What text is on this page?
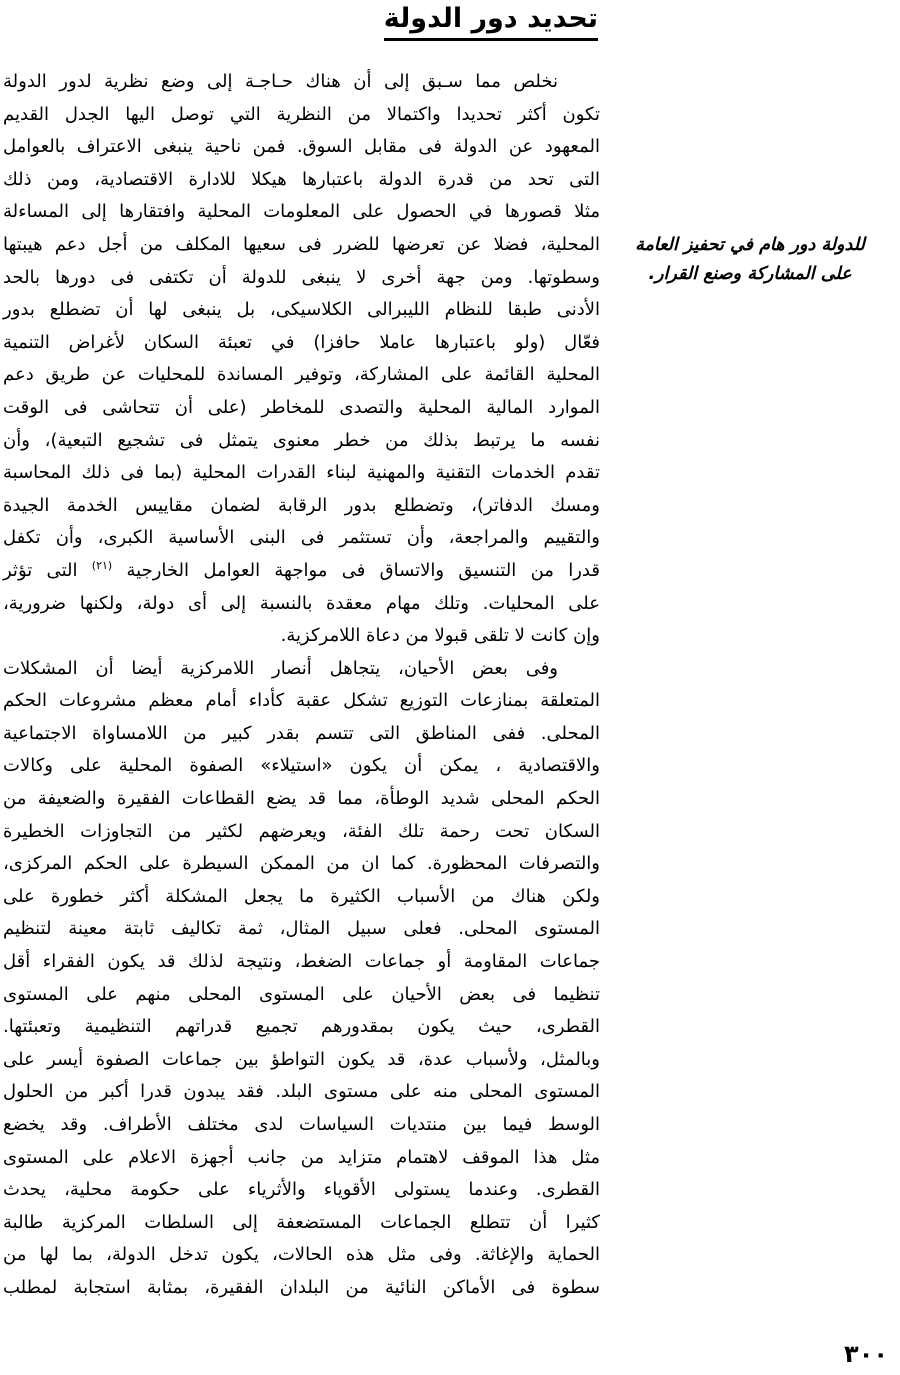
تحديد دور الدولة
نخلص مما سـبق إلى أن هناك حـاجـة إلى وضع نظرية لدور الدولة
تكون أكثر تحديدا واكتمالا من النظرية التي توصل اليها الجدل القديم
المعهود عن الدولة فى مقابل السوق. فمن ناحية ينبغى الاعتراف بالعوامل
التى تحد من قدرة الدولة باعتبارها هيكلا للادارة الاقتصادية، ومن ذلك
مثلا قصورها في الحصول على المعلومات المحلية وافتقارها إلى المساءلة
المحلية، فضلا عن تعرضها للضرر فى سعيها المكلف من أجل دعم هيبتها
وسطوتها. ومن جهة أخرى لا ينبغى للدولة أن تكتفى فى دورها بالحد
الأدنى طبقا للنظام الليبرالى الكلاسيكى، بل ينبغى لها أن تضطلع بدور
فعّال (ولو باعتبارها عاملا حافزا) في تعبئة السكان لأغراض التنمية
المحلية القائمة على المشاركة، وتوفير المساندة للمحليات عن طريق دعم
الموارد المالية المحلية والتصدى للمخاطر (على أن تتحاشى فى الوقت
نفسه ما يرتبط بذلك من خطر معنوى يتمثل فى تشجيع التبعية)، وأن
تقدم الخدمات التقنية والمهنية لبناء القدرات المحلية (بما فى ذلك المحاسبة
ومسك الدفاتر)، وتضطلع بدور الرقابة لضمان مقاييس الخدمة الجيدة
والتقييم والمراجعة، وأن تستثمر فى البنى الأساسية الكبرى، وأن تكفل
قدرا من التنسيق والاتساق فى مواجهة العوامل الخارجية $^{(٢١)}$ التى تؤثر
على المحليات. وتلك مهام معقدة بالنسبة إلى أى دولة، ولكنها ضرورية،
وإن كانت لا تلقى قبولا من دعاة اللامركزية.
وفى بعض الأحيان، يتجاهل أنصار اللامركزية أيضا أن المشكلات
المتعلقة بمنازعات التوزيع تشكل عقبة كأداء أمام معظم مشروعات الحكم
المحلى. ففى المناطق التى تتسم بقدر كبير من اللامساواة الاجتماعية
والاقتصادية ، يمكن أن يكون «استيلاء» الصفوة المحلية على وكالات
الحكم المحلى شديد الوطأة، مما قد يضع القطاعات الفقيرة والضعيفة من
السكان تحت رحمة تلك الفئة، ويعرضهم لكثير من التجاوزات الخطيرة
والتصرفات المحظورة. كما ان من الممكن السيطرة على الحكم المركزى،
ولكن هناك من الأسباب الكثيرة ما يجعل المشكلة أكثر خطورة على
المستوى المحلى. فعلى سبيل المثال، ثمة تكاليف ثابتة معينة لتنظيم
جماعات المقاومة أو جماعات الضغط، ونتيجة لذلك قد يكون الفقراء أقل
تنظيما فى بعض الأحيان على المستوى المحلى منهم على المستوى
القطرى، حيث يكون بمقدورهم تجميع قدراتهم التنظيمية وتعبئتها.
وبالمثل، ولأسباب عدة، قد يكون التواطؤ بين جماعات الصفوة أيسر على
المستوى المحلى منه على مستوى البلد. فقد يبدون قدرا أكبر من الحلول
الوسط فيما بين منتديات السياسات لدى مختلف الأطراف. وقد يخضع
مثل هذا الموقف لاهتمام متزايد من جانب أجهزة الاعلام على المستوى
القطرى. وعندما يستولى الأقوياء والأثرياء على حكومة محلية، يحدث
كثيرا أن تتطلع الجماعات المستضعفة إلى السلطات المركزية طالبة
الحماية والإغاثة. وفى مثل هذه الحالات، يكون تدخل الدولة، بما لها من
سطوة فى الأماكن النائية من البلدان الفقيرة، بمثابة استجابة لمطلب
للدولة دور هام في تحفيز العامة
على المشاركة وصنع القرار.
٣٠٠
